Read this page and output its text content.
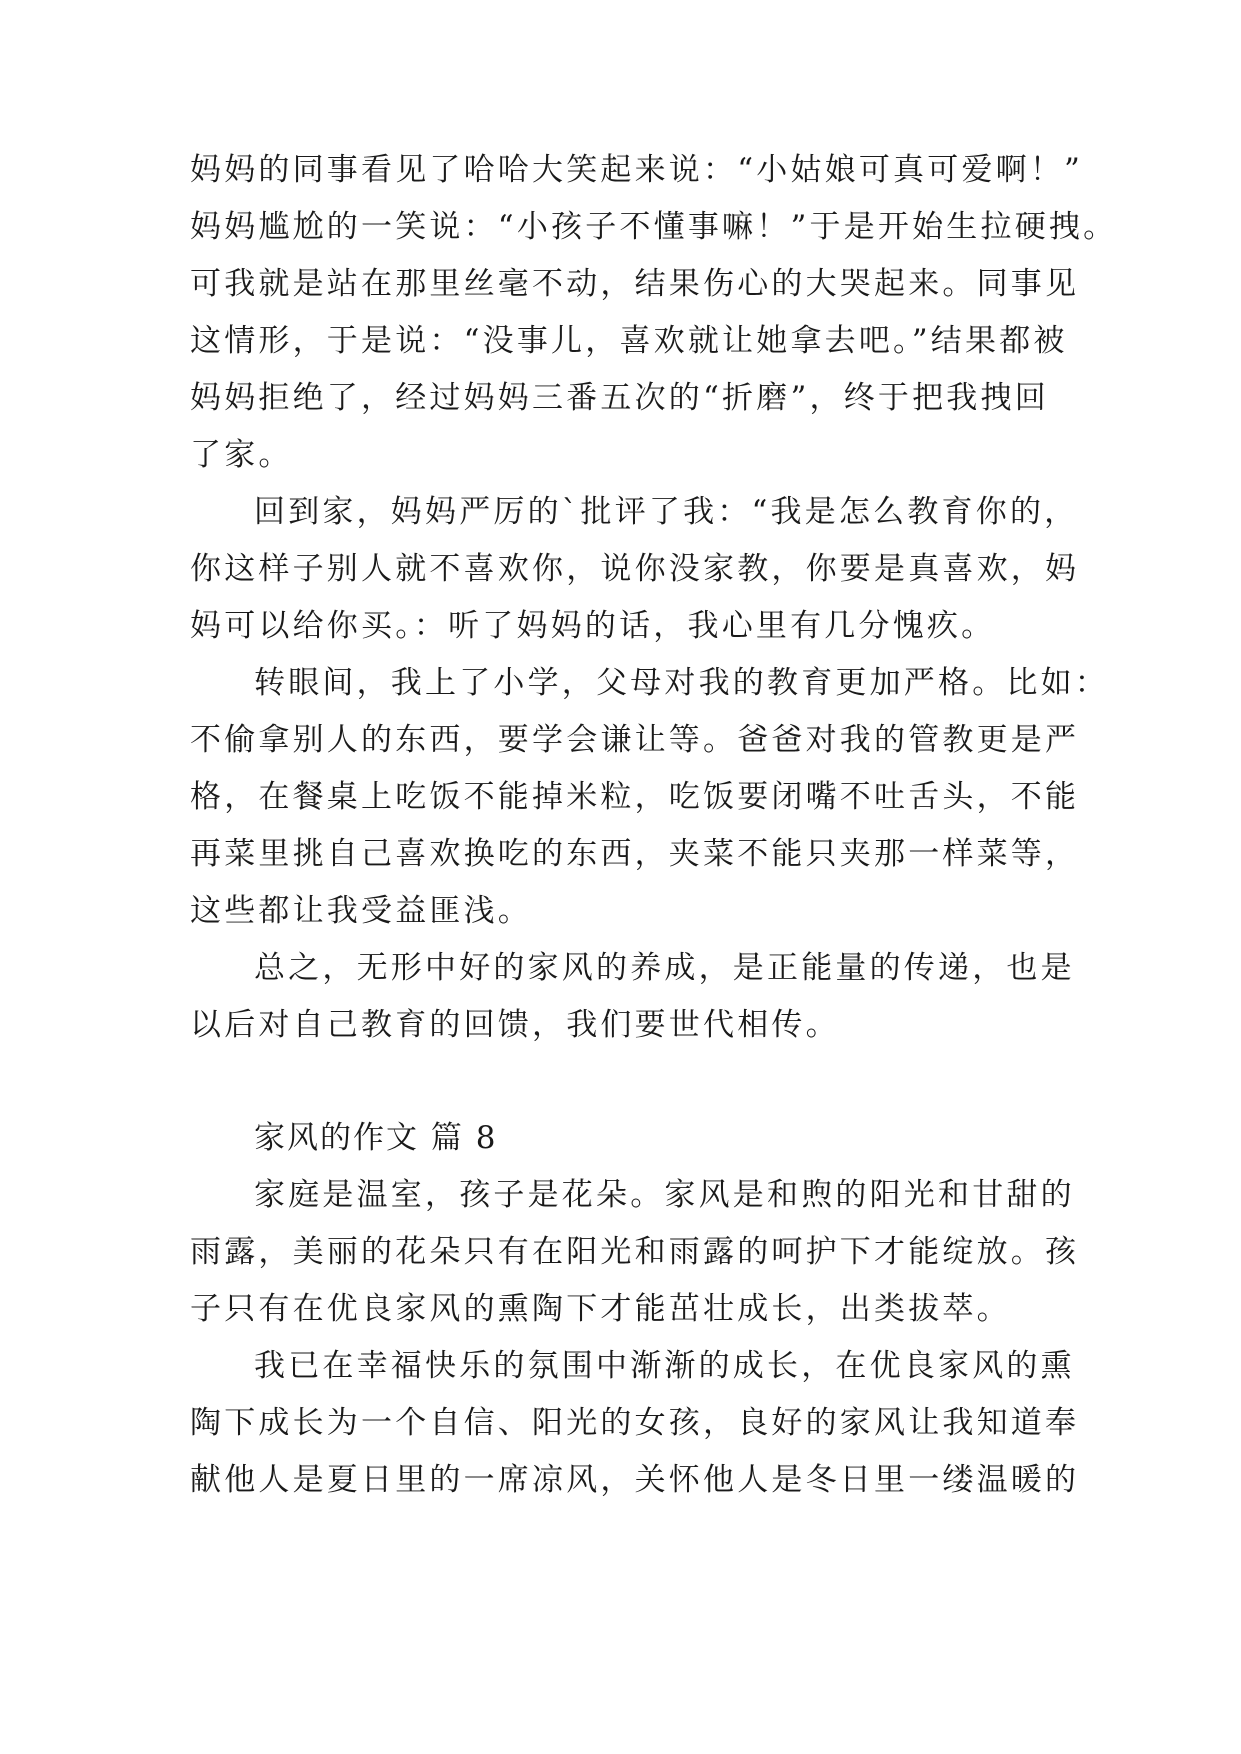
妈妈的同事看见了哈哈大笑起来说：“小姑娘可真可爱啊！”
妈妈尴尬的一笑说：“小孩子不懂事嘛！”于是开始生拉硬拽。
可我就是站在那里丝毫不动，结果伤心的大哭起来。同事见
这情形，于是说：“没事儿，喜欢就让她拿去吧。”结果都被
妈妈拒绝了，经过妈妈三番五次的“折磨”，终于把我拽回
了家。
回到家，妈妈严厉的`批评了我：“我是怎么教育你的，
你这样子别人就不喜欢你，说你没家教，你要是真喜欢，妈
妈可以给你买。：听了妈妈的话，我心里有几分愧疚。
转眼间，我上了小学，父母对我的教育更加严格。比如：
不偷拿别人的东西，要学会谦让等。爸爸对我的管教更是严
格，在餐桌上吃饭不能掉米粒，吃饭要闭嘴不吐舌头，不能
再菜里挑自己喜欢换吃的东西，夹菜不能只夹那一样菜等，
这些都让我受益匪浅。
总之，无形中好的家风的养成，是正能量的传递，也是
以后对自己教育的回馈，我们要世代相传。
家风的作文 篇 8
家庭是温室，孩子是花朵。家风是和煦的阳光和甘甜的
雨露，美丽的花朵只有在阳光和雨露的呵护下才能绽放。孩
子只有在优良家风的熏陶下才能茁壮成长，出类拔萃。
我已在幸福快乐的氛围中渐渐的成长，在优良家风的熏
陶下成长为一个自信、阳光的女孩，良好的家风让我知道奉
献他人是夏日里的一席凉风，关怀他人是冬日里一缕温暖的
